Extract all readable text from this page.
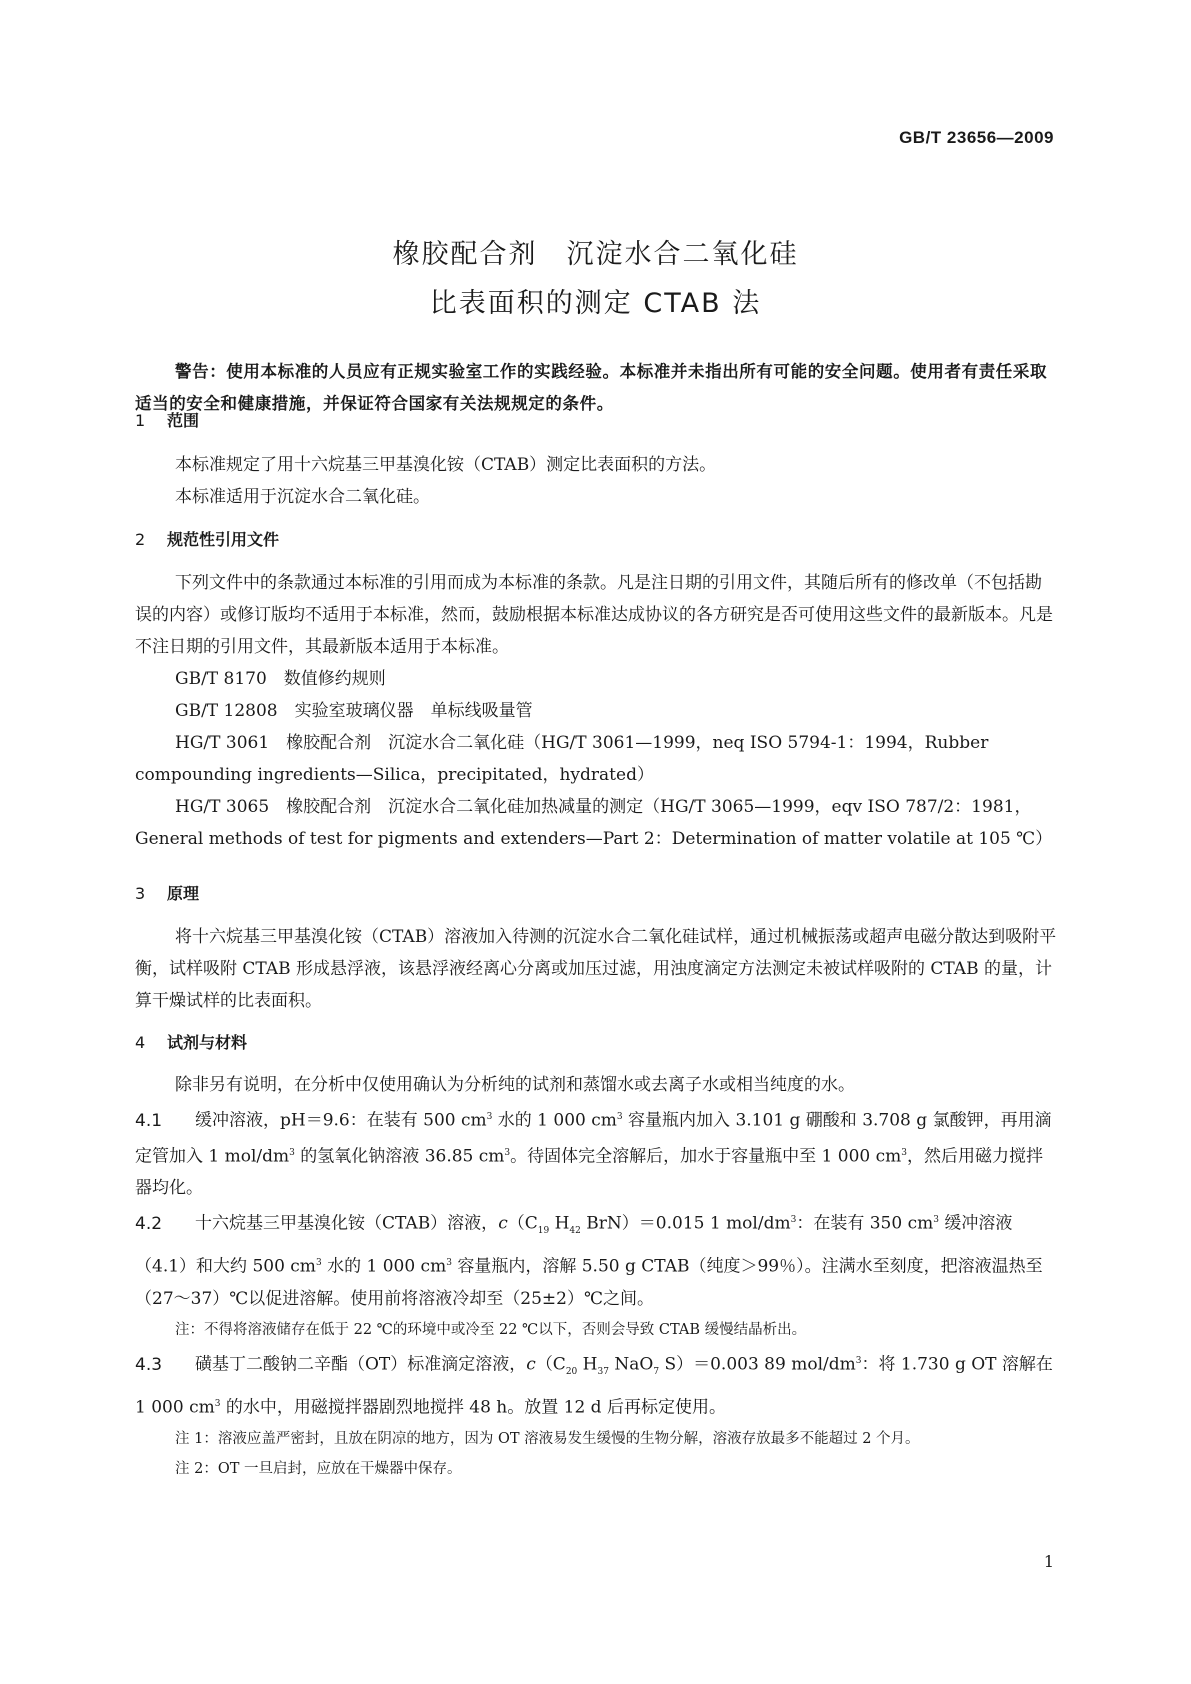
GB/T 23656—2009
橡胶配合剂　沉淀水合二氧化硅
比表面积的测定 CTAB 法
警告：使用本标准的人员应有正规实验室工作的实践经验。本标准并未指出所有可能的安全问题。使用者有责任采取适当的安全和健康措施，并保证符合国家有关法规规定的条件。
1 范围

本标准规定了用十六烷基三甲基溴化铵（CTAB）测定比表面积的方法。

本标准适用于沉淀水合二氧化硅。

2 规范性引用文件

下列文件中的条款通过本标准的引用而成为本标准的条款。凡是注日期的引用文件，其随后所有的修改单（不包括勘误的内容）或修订版均不适用于本标准，然而，鼓励根据本标准达成协议的各方研究是否可使用这些文件的最新版本。凡是不注日期的引用文件，其最新版本适用于本标准。

GB/T 8170　数值修约规则

GB/T 12808　实验室玻璃仪器　单标线吸量管

HG/T 3061　橡胶配合剂　沉淀水合二氧化硅（HG/T 3061—1999，neq ISO 5794-1：1994，Rubber compounding ingredients—Silica，precipitated，hydrated）

HG/T 3065　橡胶配合剂　沉淀水合二氧化硅加热减量的测定（HG/T 3065—1999，eqv ISO 787/2：1981，General methods of test for pigments and extenders—Part 2：Determination of matter volatile at 105 ℃）

3 原理

将十六烷基三甲基溴化铵（CTAB）溶液加入待测的沉淀水合二氧化硅试样，通过机械振荡或超声电磁分散达到吸附平衡，试样吸附 CTAB 形成悬浮液，该悬浮液经离心分离或加压过滤，用浊度滴定方法测定未被试样吸附的 CTAB 的量，计算干燥试样的比表面积。

4 试剂与材料

除非另有说明，在分析中仅使用确认为分析纯的试剂和蒸馏水或去离子水或相当纯度的水。

4.1 缓冲溶液，pH＝9.6：在装有 500 $cm^3$ 水的 1 000 $cm^3$ 容量瓶内加入 3.101 g 硼酸和 3.708 g 氯酸钾，再用滴定管加入 1 mol/$dm^3$ 的氢氧化钠溶液 36.85 $cm^3$。待固体完全溶解后，加水于容量瓶中至 1 000 $cm^3$，然后用磁力搅拌器均化。

4.2 十六烷基三甲基溴化铵（CTAB）溶液，$c(C_{19}$ $H_{42}$ BrN）＝0.015 1 mol/$dm^3$：在装有 350 $cm^3$ 缓冲溶液（4.1）和大约 500 $cm^3$ 水的 1 000 $cm^3$ 容量瓶内，溶解 5.50 g CTAB（纯度＞99％）。注满水至刻度，把溶液温热至（27～37）℃以促进溶解。使用前将溶液冷却至（25±2）℃之间。

注：不得将溶液储存在低于 22 ℃的环境中或冷至 22 ℃以下，否则会导致 CTAB 缓慢结晶析出。

4.3 磺基丁二酸钠二辛酯（OT）标准滴定溶液，$c(C_{20}$ $H_{37}$ NaO$_7$ S）＝0.003 89 mol/$dm^3$：将 1.730 g OT 溶解在 1 000 $cm^3$ 的水中，用磁搅拌器剧烈地搅拌 48 h。放置 12 d 后再标定使用。

注 1：溶液应盖严密封，且放在阴凉的地方，因为 OT 溶液易发生缓慢的生物分解，溶液存放最多不能超过 2 个月。

注 2：OT 一旦启封，应放在干燥器中保存。

1
